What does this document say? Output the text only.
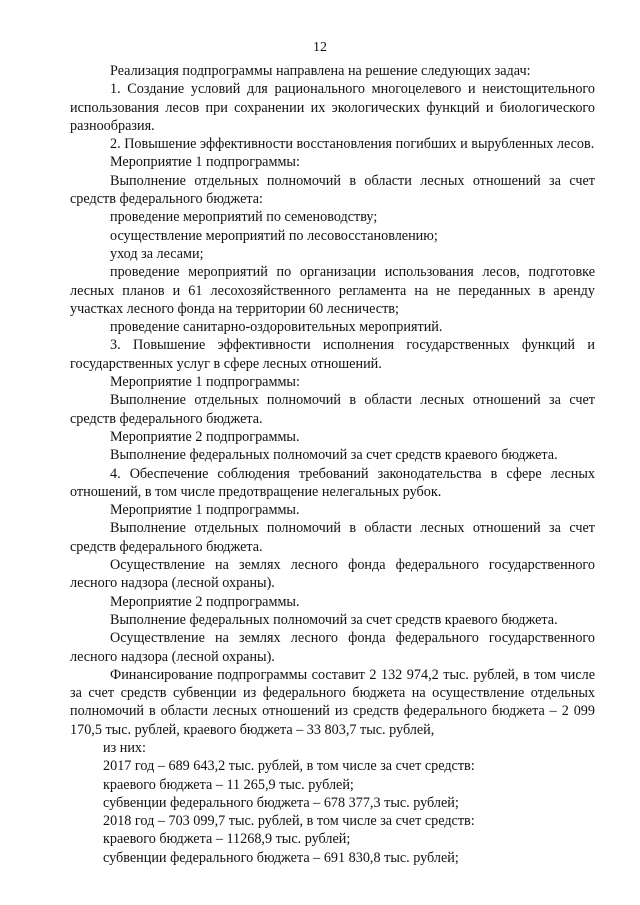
12

Реализация подпрограммы направлена на решение следующих задач:

1. Создание условий для рационального многоцелевого и неистощительного использования лесов при сохранении их экологических функций и биологического разнообразия.

2. Повышение эффективности восстановления погибших и вырубленных лесов.

Мероприятие 1 подпрограммы:

Выполнение отдельных полномочий в области лесных отношений за счет средств федерального бюджета:

проведение мероприятий по семеноводству;

осуществление мероприятий по лесовосстановлению;

уход за лесами;

проведение мероприятий по организации использования лесов, подготовке лесных планов и 61 лесохозяйственного регламента на не переданных в аренду участках лесного фонда на территории 60 лесничеств;

проведение санитарно-оздоровительных мероприятий.

3. Повышение эффективности исполнения государственных функций и государственных услуг в сфере лесных отношений.

Мероприятие 1 подпрограммы:

Выполнение отдельных полномочий в области лесных отношений за счет средств федерального бюджета.

Мероприятие 2 подпрограммы.

Выполнение федеральных полномочий за счет средств краевого бюджета.

4. Обеспечение соблюдения требований законодательства в сфере лесных отношений, в том числе предотвращение нелегальных рубок.

Мероприятие 1 подпрограммы.

Выполнение отдельных полномочий в области лесных отношений за счет средств федерального бюджета.

Осуществление на землях лесного фонда федерального государственного лесного надзора (лесной охраны).

Мероприятие 2 подпрограммы.

Выполнение федеральных полномочий за счет средств краевого бюджета.

Осуществление на землях лесного фонда федерального государственного лесного надзора (лесной охраны).

Финансирование подпрограммы составит 2 132 974,2 тыс. рублей, в том числе за счет средств субвенции из федерального бюджета на осуществление отдельных полномочий в области лесных отношений из средств федерального бюджета – 2 099 170,5 тыс. рублей, краевого бюджета – 33 803,7 тыс. рублей,

из них:

2017 год – 689 643,2 тыс. рублей, в том числе за счет средств:

краевого бюджета – 11 265,9 тыс. рублей;

субвенции федерального бюджета – 678 377,3 тыс. рублей;

2018 год – 703 099,7 тыс. рублей, в том числе за счет средств:

краевого бюджета – 11268,9 тыс. рублей;

субвенции федерального бюджета – 691 830,8 тыс. рублей;
